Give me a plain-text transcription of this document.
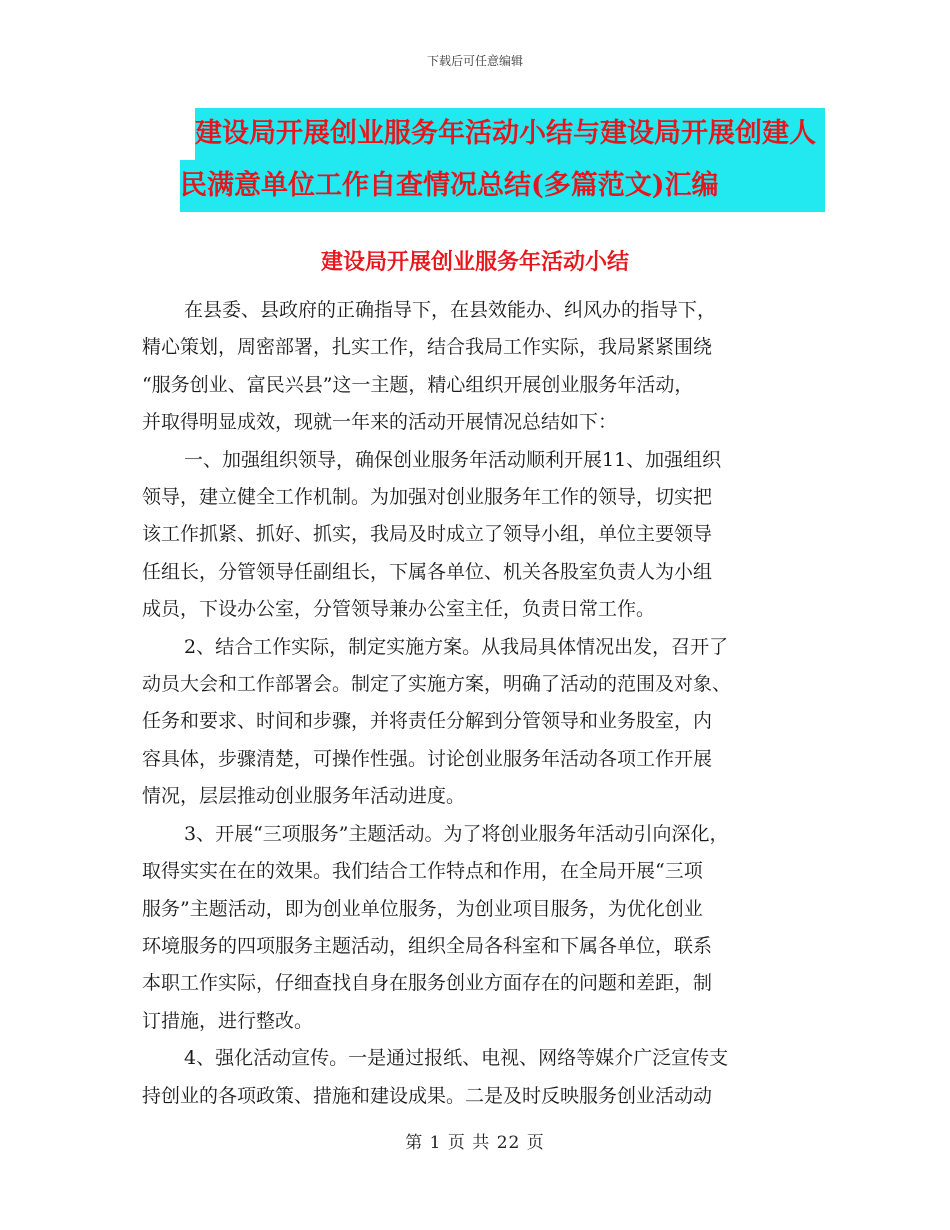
下载后可任意编辑
建设局开展创业服务年活动小结与建设局开展创建人
民满意单位工作自查情况总结(多篇范文)汇编
建设局开展创业服务年活动小结
在县委、县政府的正确指导下，在县效能办、纠风办的指导下，
精心策划，周密部署，扎实工作，结合我局工作实际，我局紧紧围绕
“服务创业、富民兴县”这一主题，精心组织开展创业服务年活动，
并取得明显成效，现就一年来的活动开展情况总结如下：
一、加强组织领导，确保创业服务年活动顺利开展11、加强组织
领导，建立健全工作机制。为加强对创业服务年工作的领导，切实把
该工作抓紧、抓好、抓实，我局及时成立了领导小组，单位主要领导
任组长，分管领导任副组长，下属各单位、机关各股室负责人为小组
成员，下设办公室，分管领导兼办公室主任，负责日常工作。
2、结合工作实际，制定实施方案。从我局具体情况出发，召开了
动员大会和工作部署会。制定了实施方案，明确了活动的范围及对象、
任务和要求、时间和步骤，并将责任分解到分管领导和业务股室，内
容具体，步骤清楚，可操作性强。讨论创业服务年活动各项工作开展
情况，层层推动创业服务年活动进度。
3、开展“三项服务”主题活动。为了将创业服务年活动引向深化，
取得实实在在的效果。我们结合工作特点和作用，在全局开展“三项
服务”主题活动，即为创业单位服务，为创业项目服务，为优化创业
环境服务的四项服务主题活动，组织全局各科室和下属各单位，联系
本职工作实际，仔细查找自身在服务创业方面存在的问题和差距，制
订措施，进行整改。
4、强化活动宣传。一是通过报纸、电视、网络等媒介广泛宣传支
持创业的各项政策、措施和建设成果。二是及时反映服务创业活动动
第 1 页 共 22 页
